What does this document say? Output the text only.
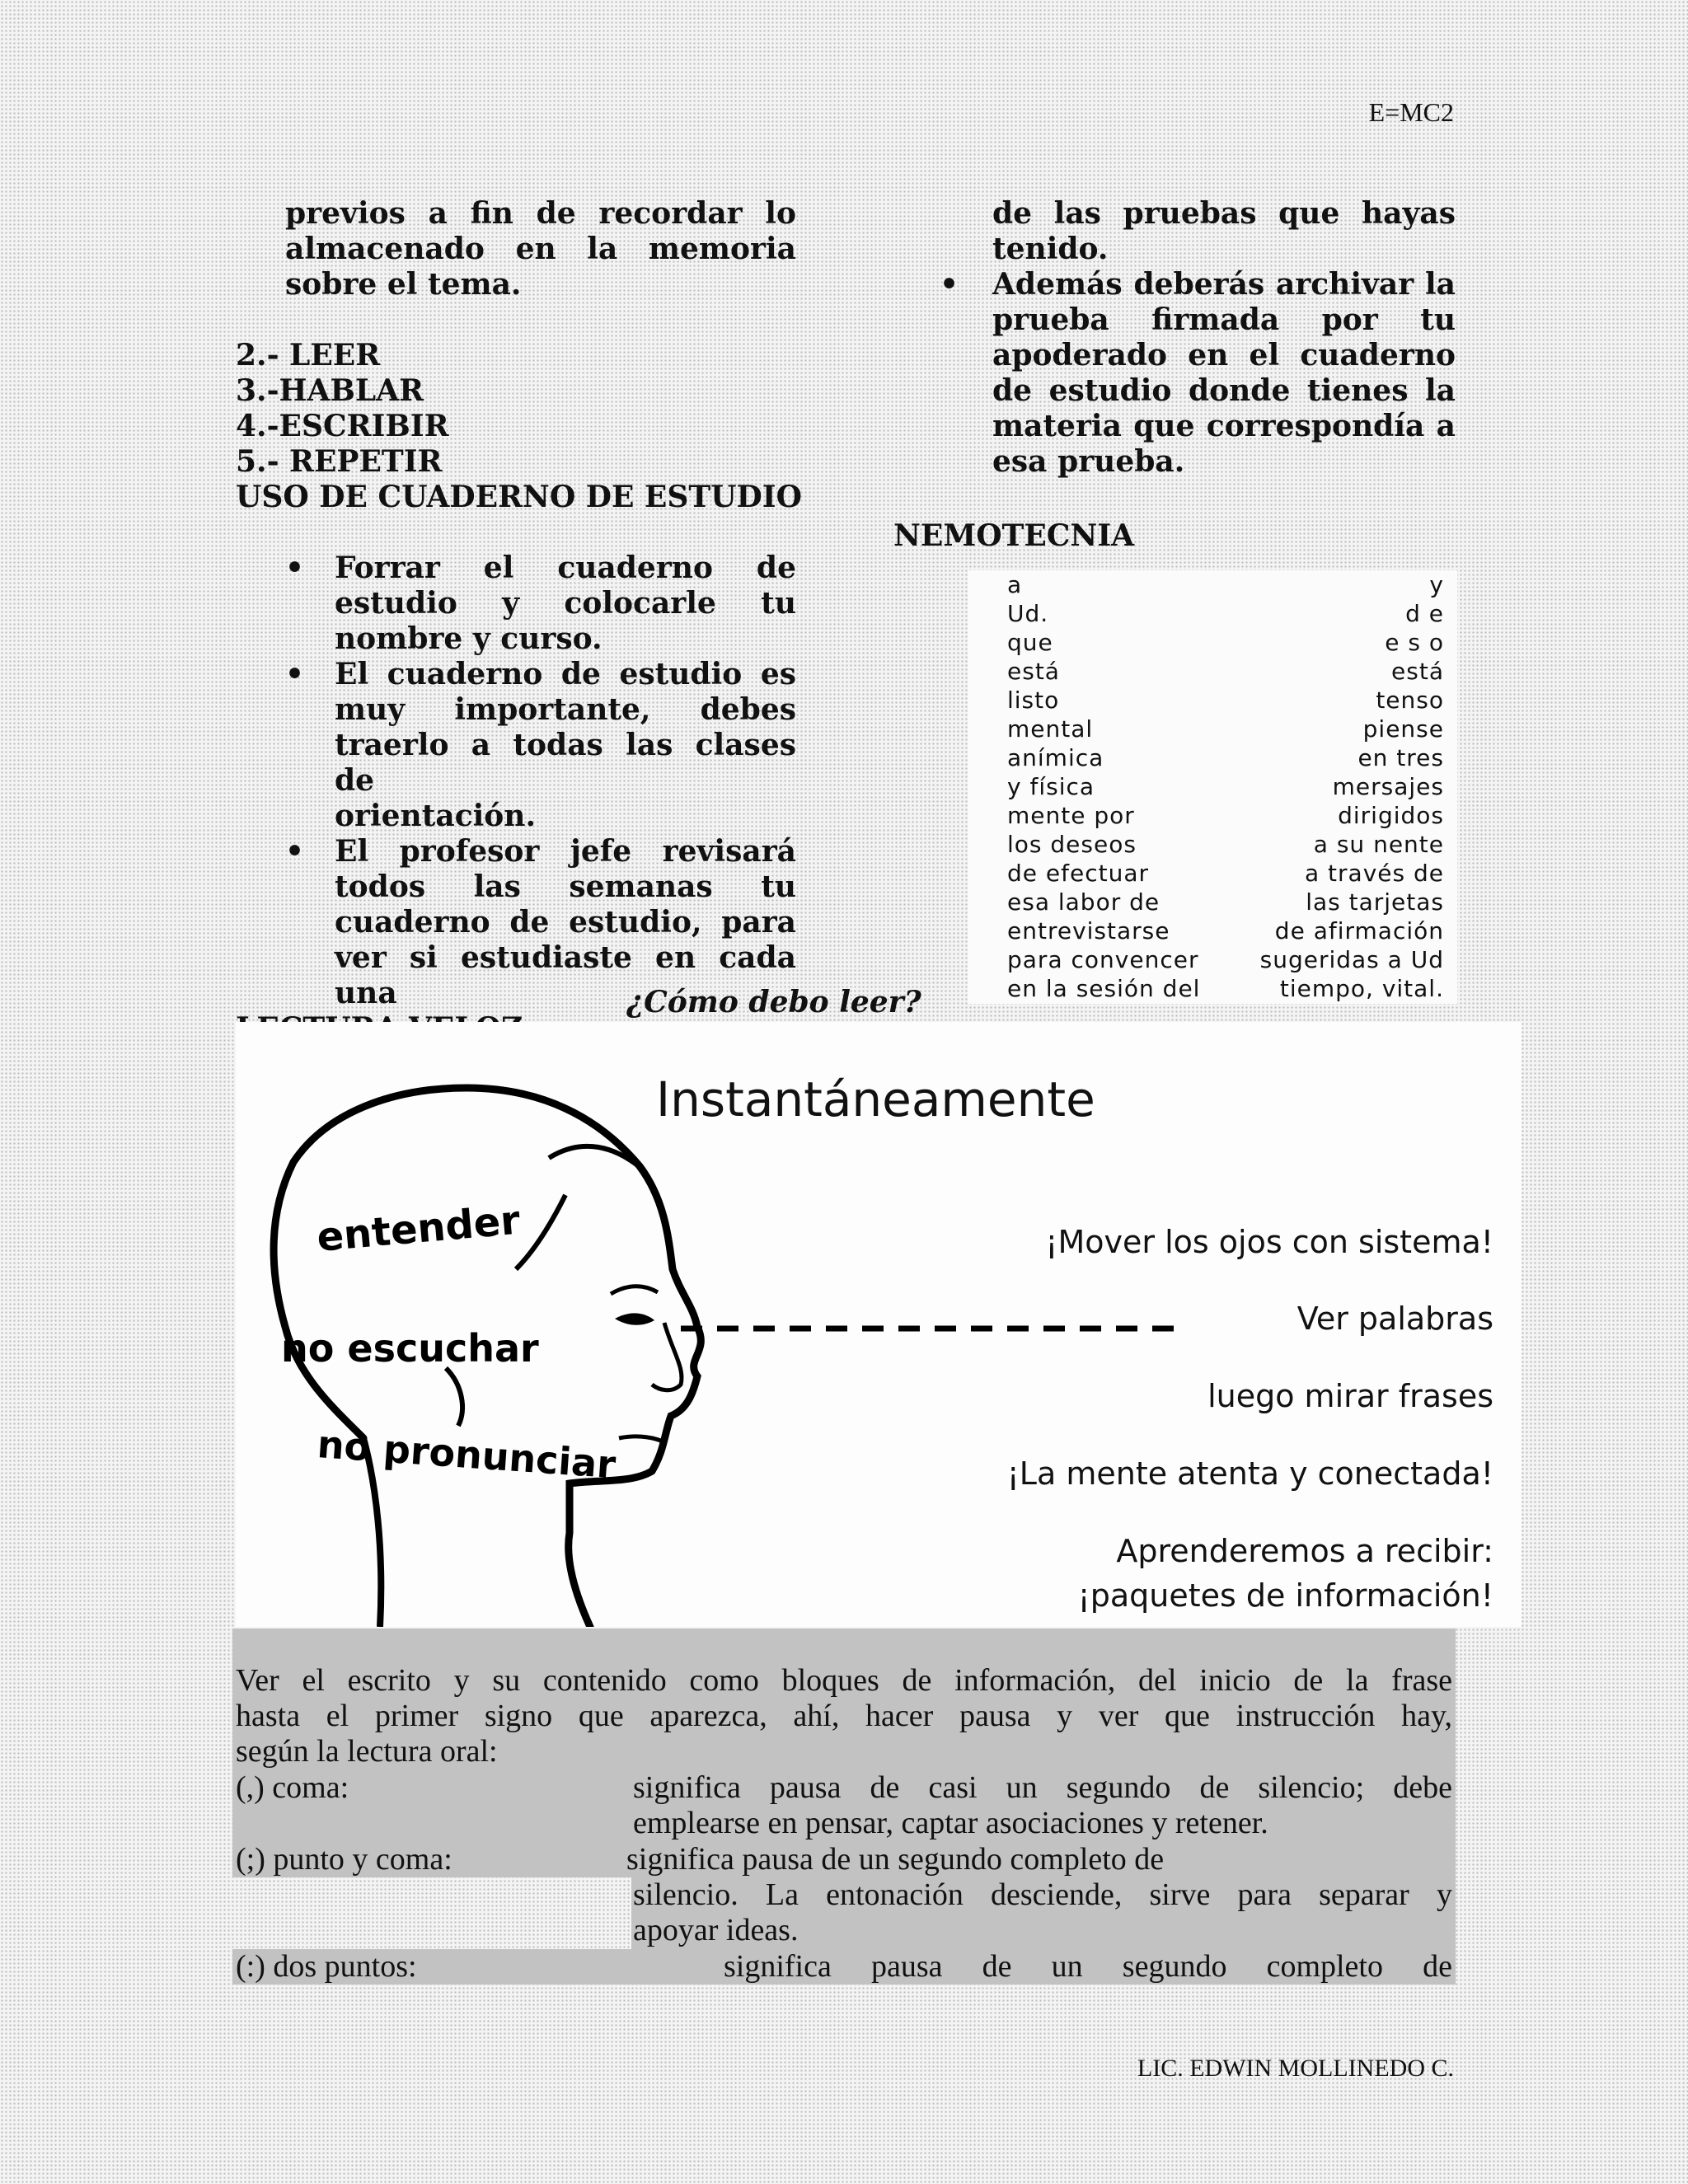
E=MC2
previos a fin de recordar lo
almacenado en la memoria
sobre el tema.
2.- LEER
3.-HABLAR
4.-ESCRIBIR
5.- REPETIR
USO DE CUADERNO DE ESTUDIO
• Forrar el cuaderno de
estudio y colocarle tu
nombre y curso.
• El cuaderno de estudio es
muy importante, debes
traerlo a todas las clases de
orientación.
• El profesor jefe revisará
todos las semanas tu
cuaderno de estudio, para
ver si estudiaste en cada una
de las pruebas que hayas
tenido.
• Además deberás archivar la
prueba firmada por tu
apoderado en el cuaderno
de estudio donde tienes la
materia que correspondía a
esa prueba.
NEMOTECNIA
a	y
Ud.	d e
que	e s o
está	está
listo	tenso
mental	piense
anímica	en tres
y física	mersajes
mente por	dirigidos
los deseos	a su nente
de efectuar	a través de
esa labor de	las tarjetas
entrevistarse	de afirmación
para convencer	sugeridas a Ud
en la sesión del	tiempo, vital.
¿Cómo debo leer?
entender
no escuchar
no pronunciar
Instantáneamente
¡Mover los ojos con sistema!
Ver palabras
luego mirar frases
¡La mente atenta y conectada!
Aprenderemos a recibir:
¡paquetes de información!
Ver el escrito y su contenido como bloques de información, del inicio de la frase
hasta el primer signo que aparezca, ahí, hacer pausa y ver que instrucción hay,
según la lectura oral:
(,) coma:	significa pausa de casi un segundo de silencio; debe
emplearse en pensar, captar asociaciones y retener.
(;) punto y coma:	significa pausa de un segundo completo de
silencio. La entonación desciende, sirve para separar y
apoyar ideas.
(:) dos puntos:	significa pausa de un segundo completo de
LIC. EDWIN MOLLINEDO C.
